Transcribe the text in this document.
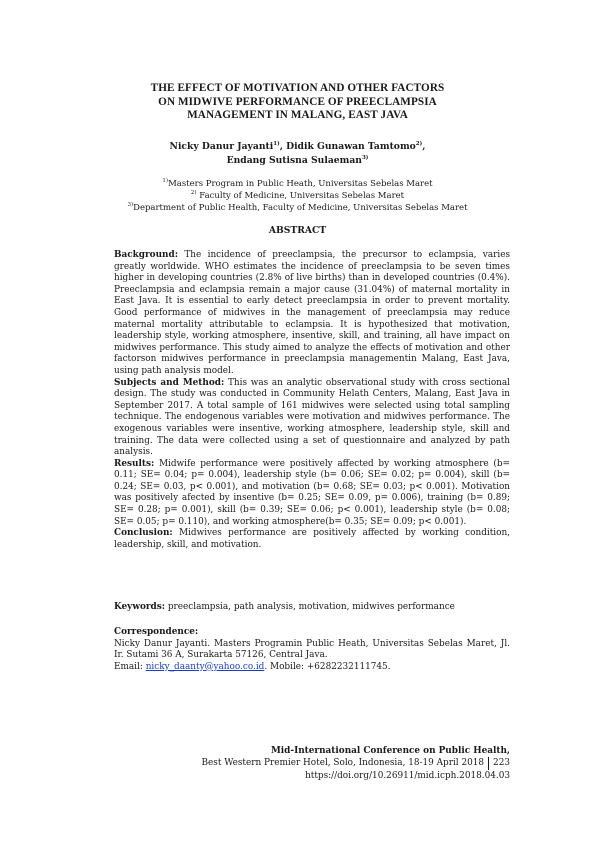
THE EFFECT OF MOTIVATION AND OTHER FACTORS
ON MIDWIVE PERFORMANCE OF PREECLAMPSIA
MANAGEMENT IN MALANG, EAST JAVA
Nicky Danur Jayanti$^{1)}$, Didik Gunawan Tamtomo$^{2)}$,
Endang Sutisna Sulaeman$^{3)}$
$^{1)}$Masters Program in Public Heath, Universitas Sebelas Maret
$^{2)}$ Faculty of Medicine, Universitas Sebelas Maret
$^{3)}$Department of Public Health, Faculty of Medicine, Universitas Sebelas Maret
ABSTRACT

Background: The incidence of preeclampsia, the precursor to eclampsia, varies greatly worldwide. WHO estimates the incidence of preeclampsia to be seven times higher in developing countries (2.8% of live births) than in developed countries (0.4%). Preeclampsia and eclampsia remain a major cause (31.04%) of maternal mortality in East Java. It is essential to early detect preeclampsia in order to prevent mortality. Good performance of midwives in the management of preeclampsia may reduce maternal mortality attributable to eclampsia. It is hypothesized that motivation, leadership style, working atmosphere, insentive, skill, and training, all have impact on midwives performance. This study aimed to analyze the effects of motivation and other factorson midwives performance in preeclampsia managementin Malang, East Java, using path analysis model.

Subjects and Method: This was an analytic observational study with cross sectional design. The study was conducted in Community Helath Centers, Malang, East Java in September 2017. A total sample of 161 midwives were selected using total sampling technique. The endogenous variables were motivation and midwives performance. The exogenous variables were insentive, working atmosphere, leadership style, skill and training. The data were collected using a set of questionnaire and analyzed by path analysis.

Results: Midwife performance were positively affected by working atmosphere (b= 0.11; SE= 0.04; p= 0.004), leadership style (b= 0.06; SE= 0.02; p= 0.004), skill (b= 0.24; SE= 0.03, p< 0.001), and motivation (b= 0.68; SE= 0.03; p< 0.001). Motivation was positively afected by insentive (b= 0.25; SE= 0.09, p= 0.006), training (b= 0.89; SE= 0.28; p= 0.001), skill (b= 0.39; SE= 0.06; p< 0.001), leadership style (b= 0.08; SE= 0.05; p= 0.110), and working atmosphere(b= 0.35; SE= 0.09; p< 0.001).

Conclusion: Midwives performance are positively affected by working condition, leadership, skill, and motivation.

Keywords: preeclampsia, path analysis, motivation, midwives performance

Correspondence:

Nicky Danur Jayanti. Masters Programin Public Heath, Universitas Sebelas Maret, Jl. Ir. Sutami 36 A, Surakarta 57126, Central Java.

Email: nicky_daanty@yahoo.co.id. Mobile: +6282232111745.

Mid-International Conference on Public Health,
Best Western Premier Hotel, Solo, Indonesia, 18-19 April 2018 223
https://doi.org/10.26911/mid.icph.2018.04.03
